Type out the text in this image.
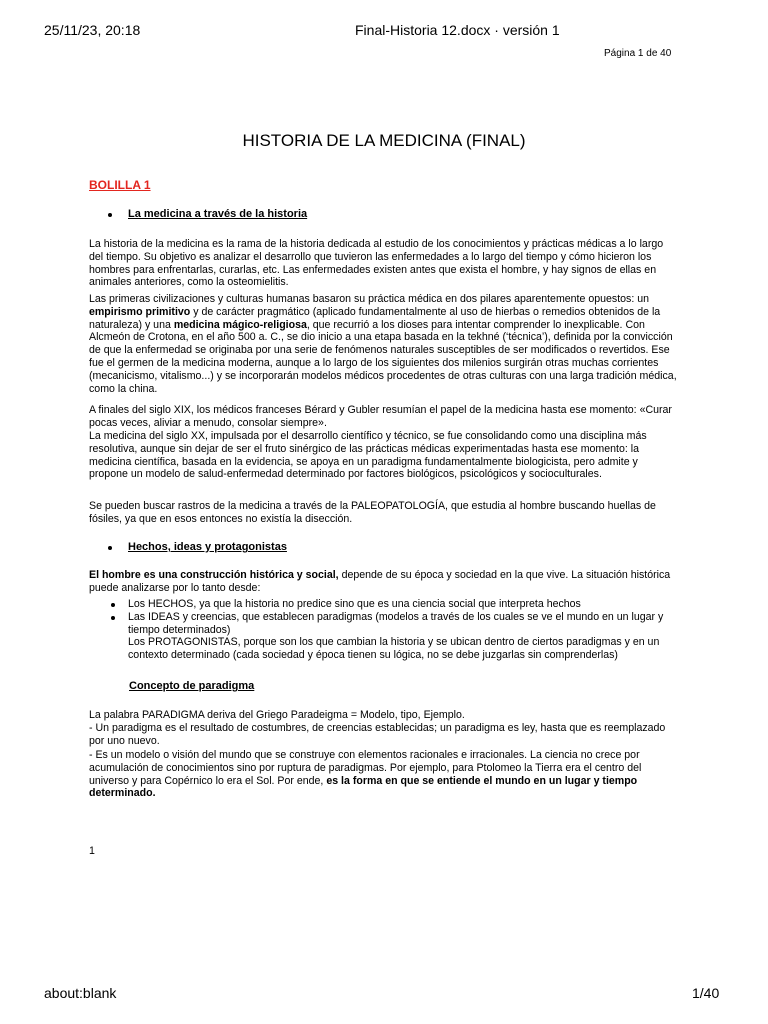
25/11/23, 20:18	Final-Historia 12.docx · versión 1
Página 1 de 40
HISTORIA DE LA MEDICINA (FINAL)
BOLILLA 1
La medicina a través de la historia

La historia de la medicina es la rama de la historia dedicada al estudio de los conocimientos y prácticas médicas a lo largo del tiempo. Su objetivo es analizar el desarrollo que tuvieron las enfermedades a lo largo del tiempo y cómo hicieron los hombres para enfrentarlas, curarlas, etc. Las enfermedades existen antes que exista el hombre, y hay signos de ellas en animales anteriores, como la osteomielitis.

Las primeras civilizaciones y culturas humanas basaron su práctica médica en dos pilares aparentemente opuestos: un empirismo primitivo y de carácter pragmático (aplicado fundamentalmente al uso de hierbas o remedios obtenidos de la naturaleza) y una medicina mágico-religiosa, que recurrió a los dioses para intentar comprender lo inexplicable. Con Alcmeón de Crotona, en el año 500 a. C., se dio inicio a una etapa basada en la tekhné (‘técnica’), definida por la convicción de que la enfermedad se originaba por una serie de fenómenos naturales susceptibles de ser modificados o revertidos. Ese fue el germen de la medicina moderna, aunque a lo largo de los siguientes dos milenios surgirán otras muchas corrientes (mecanicismo, vitalismo...) y se incorporarán modelos médicos procedentes de otras culturas con una larga tradición médica, como la china.

A finales del siglo XIX, los médicos franceses Bérard y Gubler resumían el papel de la medicina hasta ese momento: «Curar pocas veces, aliviar a menudo, consolar siempre».

La medicina del siglo XX, impulsada por el desarrollo científico y técnico, se fue consolidando como una disciplina más resolutiva, aunque sin dejar de ser el fruto sinérgico de las prácticas médicas experimentadas hasta ese momento: la medicina científica, basada en la evidencia, se apoya en un paradigma fundamentalmente biologicista, pero admite y propone un modelo de salud-enfermedad determinado por factores biológicos, psicológicos y socioculturales.

Se pueden buscar rastros de la medicina a través de la PALEOPATOLOGÍA, que estudia al hombre buscando huellas de fósiles, ya que en esos entonces no existía la disección.

Hechos, ideas y protagonistas

El hombre es una construcción histórica y social, depende de su época y sociedad en la que vive. La situación histórica puede analizarse por lo tanto desde:

Los HECHOS, ya que la historia no predice sino que es una ciencia social que interpreta hechos
Las IDEAS y creencias, que establecen paradigmas (modelos a través de los cuales se ve el mundo en un lugar y tiempo determinados)
Los PROTAGONISTAS, porque son los que cambian la historia y se ubican dentro de ciertos paradigmas y en un contexto determinado (cada sociedad y época tienen su lógica, no se debe juzgarlas sin comprenderlas)
Concepto de paradigma

La palabra PARADIGMA deriva del Griego Paradeigma = Modelo, tipo, Ejemplo.

- Un paradigma es el resultado de costumbres, de creencias establecidas; un paradigma es ley, hasta que es reemplazado por uno nuevo.

- Es un modelo o visión del mundo que se construye con elementos racionales e irracionales. La ciencia no crece por acumulación de conocimientos sino por ruptura de paradigmas. Por ejemplo, para Ptolomeo la Tierra era el centro del universo y para Copérnico lo era el Sol. Por ende, es la forma en que se entiende el mundo en un lugar y tiempo determinado.

1
about:blank	1/40
